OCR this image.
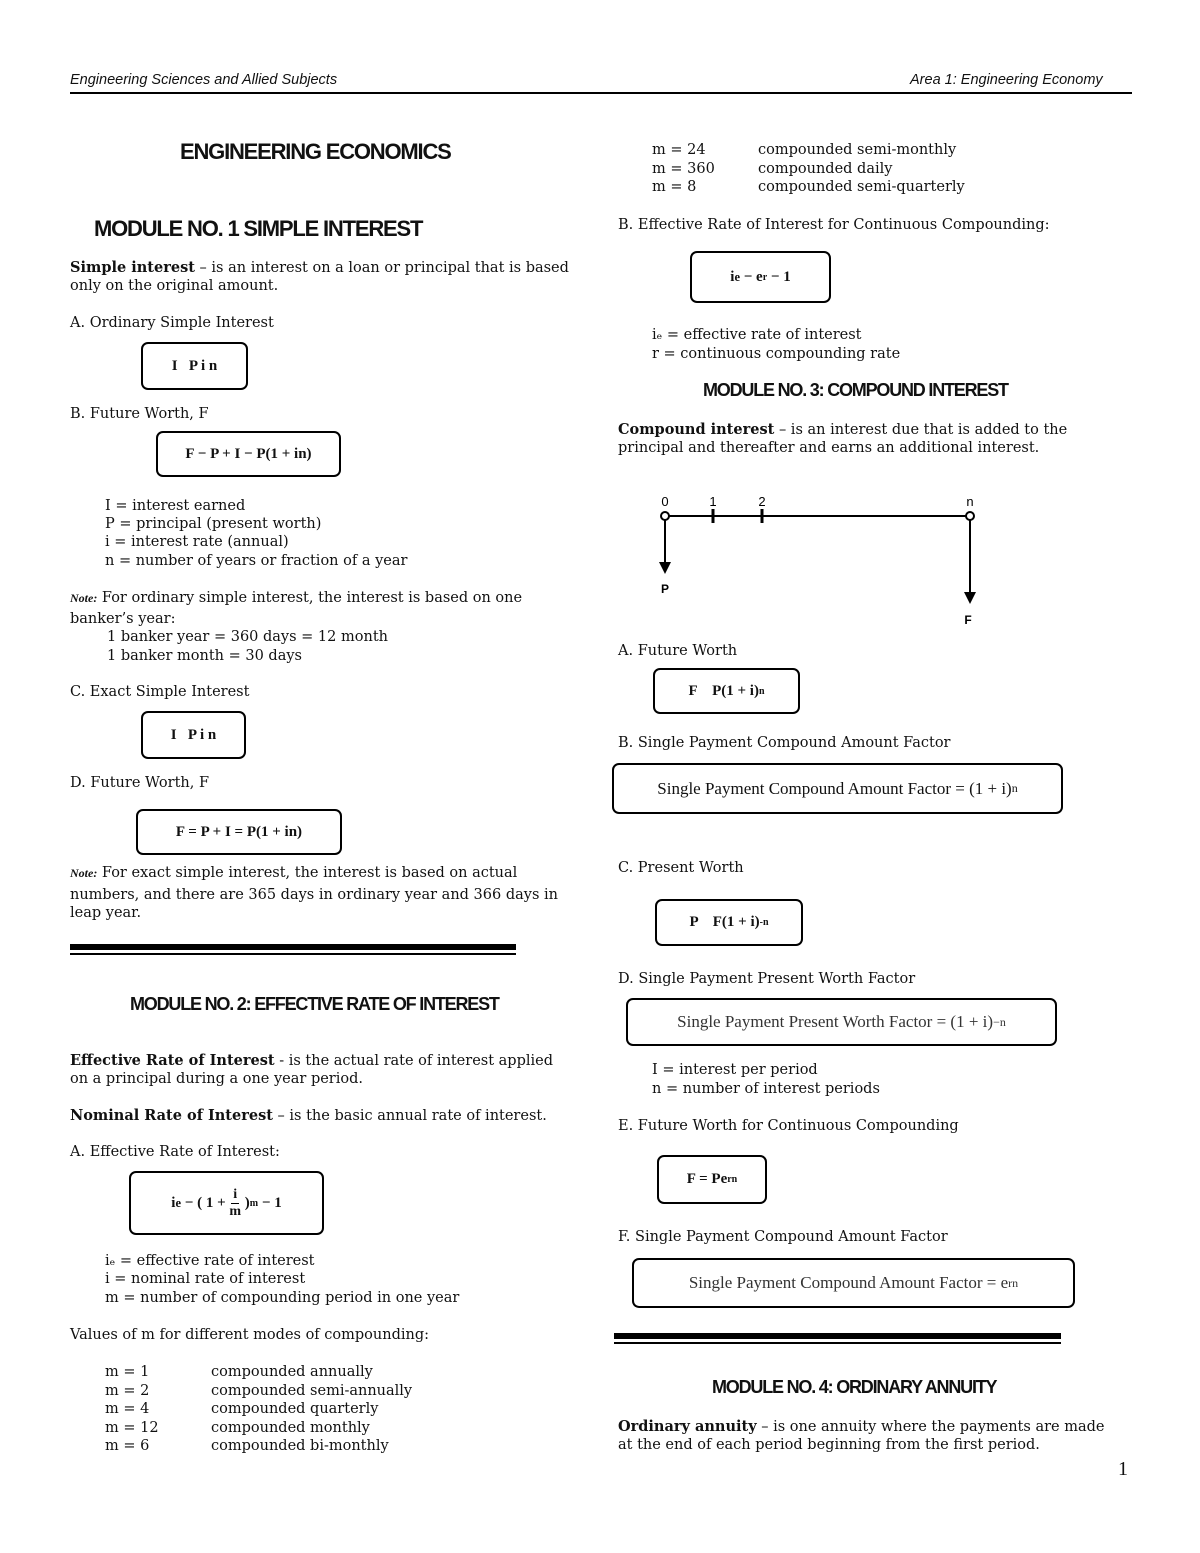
Engineering Sciences and Allied Subjects	Area 1: Engineering Economy
ENGINEERING ECONOMICS
MODULE NO. 1 SIMPLE INTEREST
Simple interest – is an interest on a loan or principal that is based
only on the original amount.
A. Ordinary Simple Interest
I   P i n
B. Future Worth, F
F − P + I − P(1 + in)
I = interest earned
P = principal (present worth)
i = interest rate (annual)
n = number of years or fraction of a year
Note: For ordinary simple interest, the interest is based on one
banker’s year:
1 banker year = 360 days = 12 month
1 banker month = 30 days
C. Exact Simple Interest
I   P i n
D. Future Worth, F
F = P + I = P(1 + in)
Note: For exact simple interest, the interest is based on actual
numbers, and there are 365 days in ordinary year and 366 days in
leap year.
MODULE NO. 2: EFFECTIVE RATE OF INTEREST
Effective Rate of Interest - is the actual rate of interest applied
on a principal during a one year period.
Nominal Rate of Interest – is the basic annual rate of interest.
A. Effective Rate of Interest:
i e − ( $1 + \frac{i}{m}$ ) m − 1
iₑ = effective rate of interest
i = nominal rate of interest
m = number of compounding period in one year
Values of m for different modes of compounding:
m = 1	compounded annually
m = 2	compounded semi-annually
m = 4	compounded quarterly
m = 12	compounded monthly
m = 6	compounded bi-monthly
m = 24	compounded semi-monthly
m = 360	compounded daily
m = 8	compounded semi-quarterly
B. Effective Rate of Interest for Continuous Compounding:
i e − e r − 1
iₑ = effective rate of interest
r = continuous compounding rate
MODULE NO. 3: COMPOUND INTEREST
Compound interest – is an interest due that is added to the
principal and thereafter and earns an additional interest.
0	1	2	n
P
F
A. Future Worth
F    P(1 + i) n
B. Single Payment Compound Amount Factor
Single Payment Compound Amount Factor = (1 + i) n
C. Present Worth
P    F(1 + i) -n
D. Single Payment Present Worth Factor
Single Payment Present Worth Factor = (1 + i) −n
I = interest per period
n = number of interest periods
E. Future Worth for Continuous Compounding
F = Pe rn
F. Single Payment Compound Amount Factor
Single Payment Compound Amount Factor = e rn
MODULE NO. 4: ORDINARY ANNUITY
Ordinary annuity – is one annuity where the payments are made
at the end of each period beginning from the first period.
1
